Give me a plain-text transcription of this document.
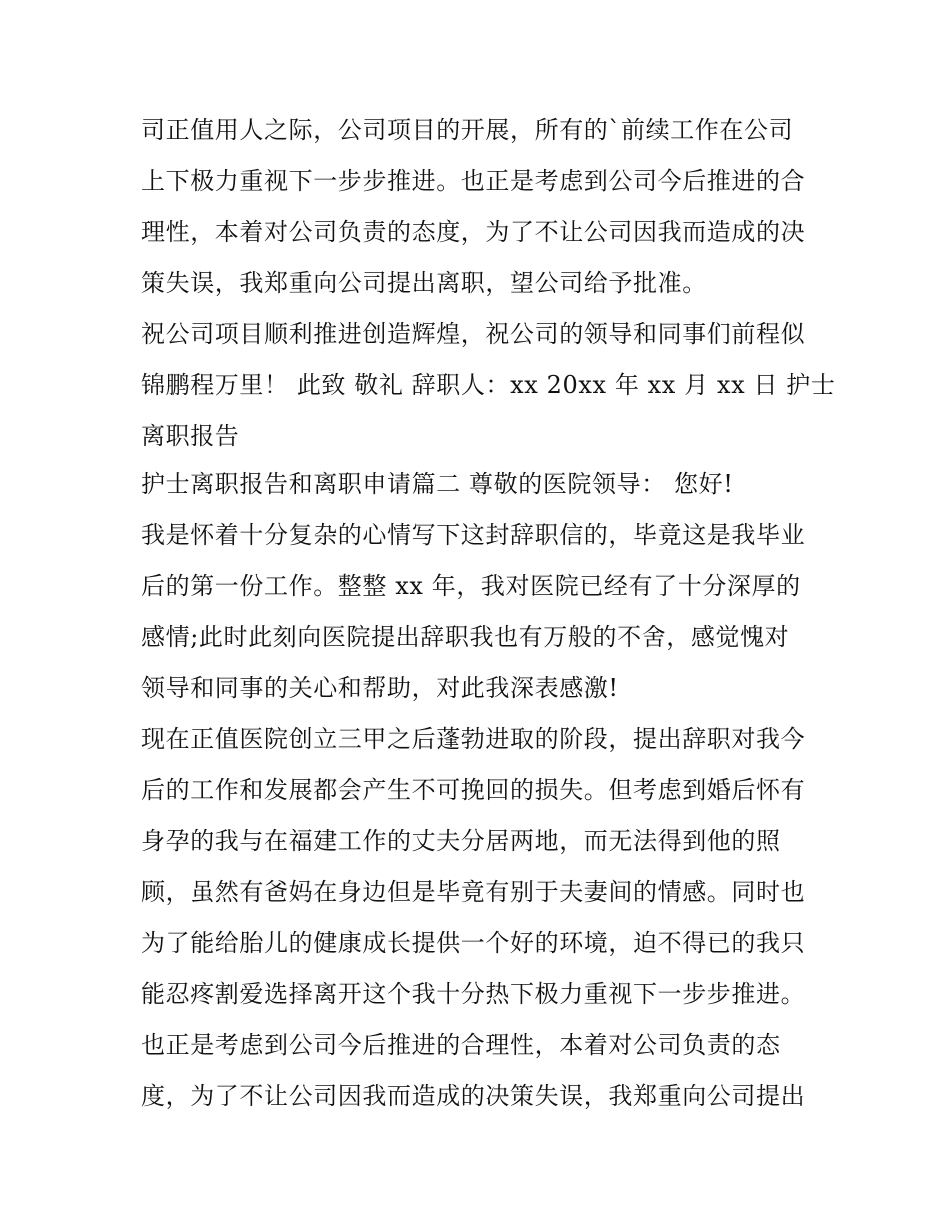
司正值用人之际，公司项目的开展，所有的`前续工作在公司
上下极力重视下一步步推进。也正是考虑到公司今后推进的合
理性，本着对公司负责的态度，为了不让公司因我而造成的决
策失误，我郑重向公司提出离职，望公司给予批准。
祝公司项目顺利推进创造辉煌，祝公司的领导和同事们前程似
锦鹏程万里！ 此致 敬礼 辞职人：xx 20xx 年 xx 月 xx 日 护士
离职报告
护士离职报告和离职申请篇二 尊敬的医院领导： 您好!
我是怀着十分复杂的心情写下这封辞职信的，毕竟这是我毕业
后的第一份工作。整整 xx 年，我对医院已经有了十分深厚的
感情;此时此刻向医院提出辞职我也有万般的不舍，感觉愧对
领导和同事的关心和帮助，对此我深表感激!
现在正值医院创立三甲之后蓬勃进取的阶段，提出辞职对我今
后的工作和发展都会产生不可挽回的损失。但考虑到婚后怀有
身孕的我与在福建工作的丈夫分居两地，而无法得到他的照
顾，虽然有爸妈在身边但是毕竟有别于夫妻间的情感。同时也
为了能给胎儿的健康成长提供一个好的环境，迫不得已的我只
能忍疼割爱选择离开这个我十分热下极力重视下一步步推进。
也正是考虑到公司今后推进的合理性，本着对公司负责的态
度，为了不让公司因我而造成的决策失误，我郑重向公司提出
